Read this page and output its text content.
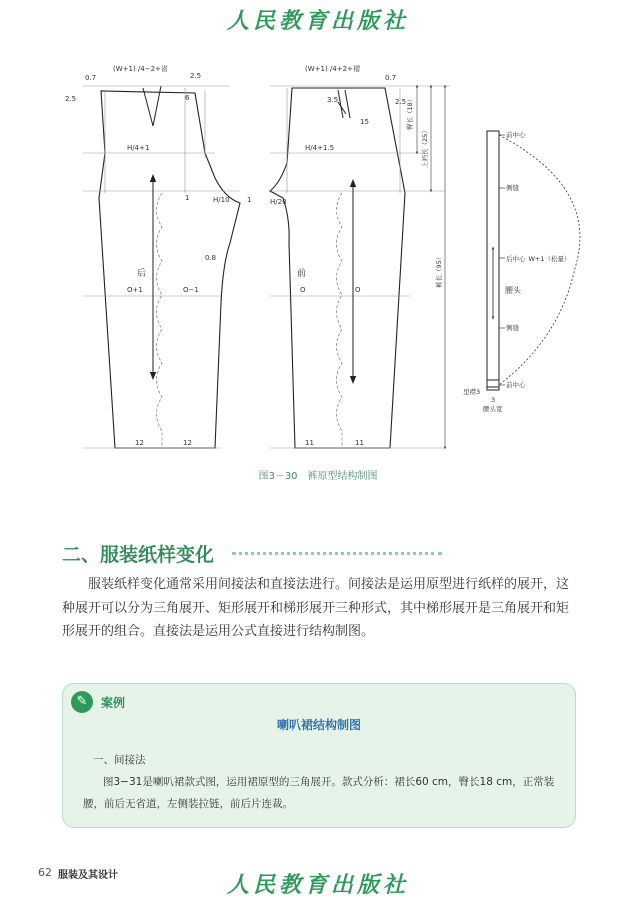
人民教育出版社
(W+1) /4−2+省
0.7
2.5
2.5
6
H/4+1
1	H/10 1
0.8
后
O+1	O−1
12	12
(W+1) /4+2+褶
0.7
3.5	2.5
15
H/4+1.5
H/20
前
O	O
11	11
臀长（18）
上裆长（25）
裤长（95）
前中心
侧缝
后中心 W+1（松量）
腰头
侧缝
前中心
里襟3
3
腰头宽
图3－30　裤原型结构制图
二、服装纸样变化

服装纸样变化通常采用间接法和直接法进行。间接法是运用原型进行纸样的展开，这种展开可以分为三角展开、矩形展开和梯形展开三种形式，其中梯形展开是三角展开和矩形展开的组合。直接法是运用公式直接进行结构制图。

✎	案例
喇叭裙结构制图
一、间接法

图3−31是喇叭裙款式图，运用裙原型的三角展开。款式分析：裙长60 cm，臀长18 cm，正常装腰，前后无省道，左侧装拉链，前后片连裁。

62 服装及其设计	人民教育出版社
